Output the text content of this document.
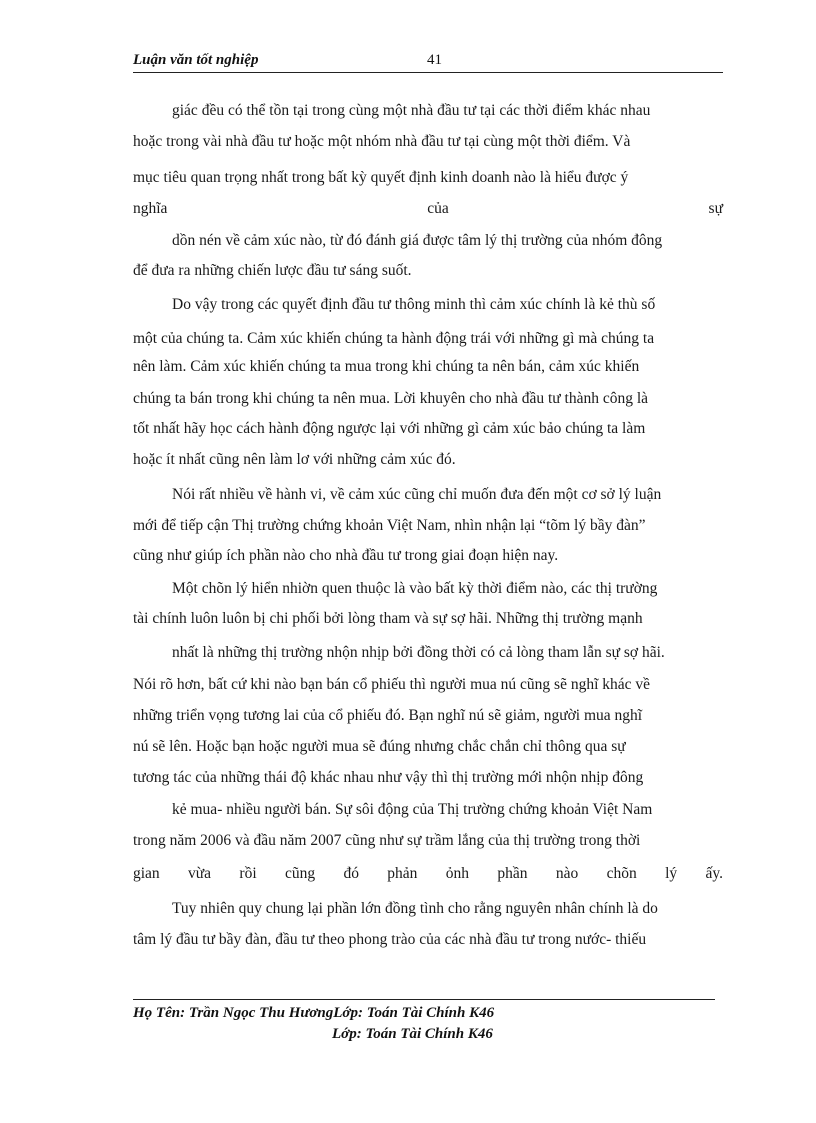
Luận văn tốt nghiệp	41
giác đều có thể tồn tại trong cùng một nhà đầu tư tại các thời điểm khác nhau
hoặc trong vài nhà đầu tư hoặc một nhóm nhà đầu tư tại cùng một thời điểm. Và
mục tiêu quan trọng nhất trong bất kỳ quyết định kinh doanh nào là hiểu được ý
nghĩa	của	sự
dồn nén về cảm xúc nào, từ đó đánh giá được tâm lý thị trường của nhóm đông
để đưa ra những chiến lược đầu tư sáng suốt.
Do vậy trong các quyết định đầu tư thông minh thì cảm xúc chính là kẻ thù số
một của chúng ta. Cảm xúc khiến chúng ta hành động trái với những gì mà chúng ta
nên làm. Cảm xúc khiến chúng ta mua trong khi chúng ta nên bán, cảm xúc khiến
chúng ta bán trong khi chúng ta nên mua. Lời khuyên cho nhà đầu tư thành công là
tốt nhất hãy học cách hành động ngược lại với những gì cảm xúc bảo chúng ta làm
hoặc ít nhất cũng nên làm lơ với những cảm xúc đó.
Nói rất nhiều về hành vi, về cảm xúc cũng chỉ muốn đưa đến một cơ sở lý luận
mới để tiếp cận Thị trường chứng khoản Việt Nam, nhìn nhận lại “tõm lý bầy đàn”
cũng như giúp ích phần nào cho nhà đầu tư trong giai đoạn hiện nay.
Một chõn lý hiển nhiờn quen thuộc là vào bất kỳ thời điểm nào, các thị trường
tài chính luôn luôn bị chi phối bởi lòng tham và sự sợ hãi. Những thị trường mạnh
nhất là những thị trường nhộn nhịp bởi đồng thời có cả lòng tham lẫn sự sợ hãi.
Nói rõ hơn, bất cứ khi nào bạn bán cổ phiếu thì người mua nú cũng sẽ nghĩ khác về
những triển vọng tương lai của cổ phiếu đó. Bạn nghĩ nú sẽ giảm, người mua nghĩ
nú sẽ lên. Hoặc bạn hoặc người mua sẽ đúng nhưng chắc chắn chỉ thông qua sự
tương tác của những thái độ khác nhau như vậy thì thị trường mới nhộn nhịp đông
kẻ mua- nhiều người bán. Sự sôi động của Thị trường chứng khoản Việt Nam
trong năm 2006 và đầu năm 2007 cũng như sự trầm lắng của thị trường trong thời
gian vừa rồi cũng đó phản ỏnh phần nào chõn lý ấy.
Tuy nhiên quy chung lại phần lớn đồng tình cho rằng nguyên nhân chính là do
tâm lý đầu tư bầy đàn, đầu tư theo phong trào của các nhà đầu tư trong nước- thiếu
Họ Tên: Trần Ngọc Thu HươngLớp: Toán Tài Chính K46
Lớp: Toán Tài Chính K46
